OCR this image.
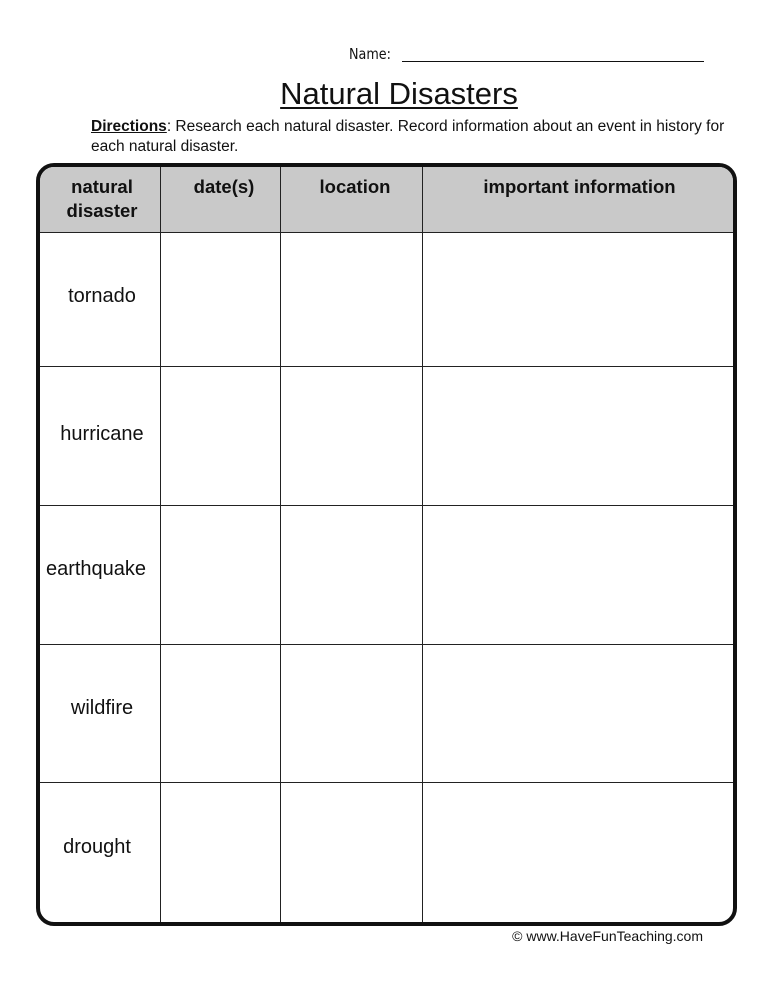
Name:
Natural Disasters
Directions: Research each natural disaster. Record information about an event in history for each natural disaster.
natural disaster
date(s)	location	important information
tornado
hurricane
earthquake
wildfire
drought
© www.HaveFunTeaching.com
